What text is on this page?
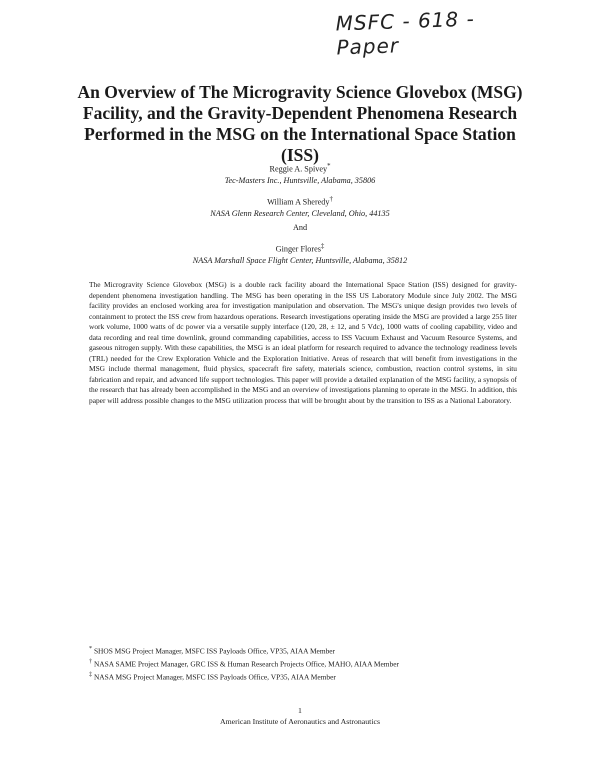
MSFC - 618 - Paper
An Overview of The Microgravity Science Glovebox (MSG) Facility, and the Gravity-Dependent Phenomena Research Performed in the MSG on the International Space Station (ISS)
Reggie A. Spivey*
Tec-Masters Inc., Huntsville, Alabama, 35806
William A Sheredy†
NASA Glenn Research Center, Cleveland, Ohio, 44135
And
Ginger Flores‡
NASA Marshall Space Flight Center, Huntsville, Alabama, 35812

The Microgravity Science Glovebox (MSG) is a double rack facility aboard the International Space Station (ISS) designed for gravity-dependent phenomena investigation handling. The MSG has been operating in the ISS US Laboratory Module since July 2002. The MSG facility provides an enclosed working area for investigation manipulation and observation. The MSG's unique design provides two levels of containment to protect the ISS crew from hazardous operations. Research investigations operating inside the MSG are provided a large 255 liter work volume, 1000 watts of dc power via a versatile supply interface (120, 28, ± 12, and 5 Vdc), 1000 watts of cooling capability, video and data recording and real time downlink, ground commanding capabilities, access to ISS Vacuum Exhaust and Vacuum Resource Systems, and gaseous nitrogen supply. With these capabilities, the MSG is an ideal platform for research required to advance the technology readiness levels (TRL) needed for the Crew Exploration Vehicle and the Exploration Initiative. Areas of research that will benefit from investigations in the MSG include thermal management, fluid physics, spacecraft fire safety, materials science, combustion, reaction control systems, in situ fabrication and repair, and advanced life support technologies. This paper will provide a detailed explanation of the MSG facility, a synopsis of the research that has already been accomplished in the MSG and an overview of investigations planning to operate in the MSG. In addition, this paper will address possible changes to the MSG utilization process that will be brought about by the transition to ISS as a National Laboratory.

* SHOS MSG Project Manager, MSFC ISS Payloads Office, VP35, AIAA Member
† NASA SAME Project Manager, GRC ISS & Human Research Projects Office, MAHO, AIAA Member
‡ NASA MSG Project Manager, MSFC ISS Payloads Office, VP35, AIAA Member
1
American Institute of Aeronautics and Astronautics
